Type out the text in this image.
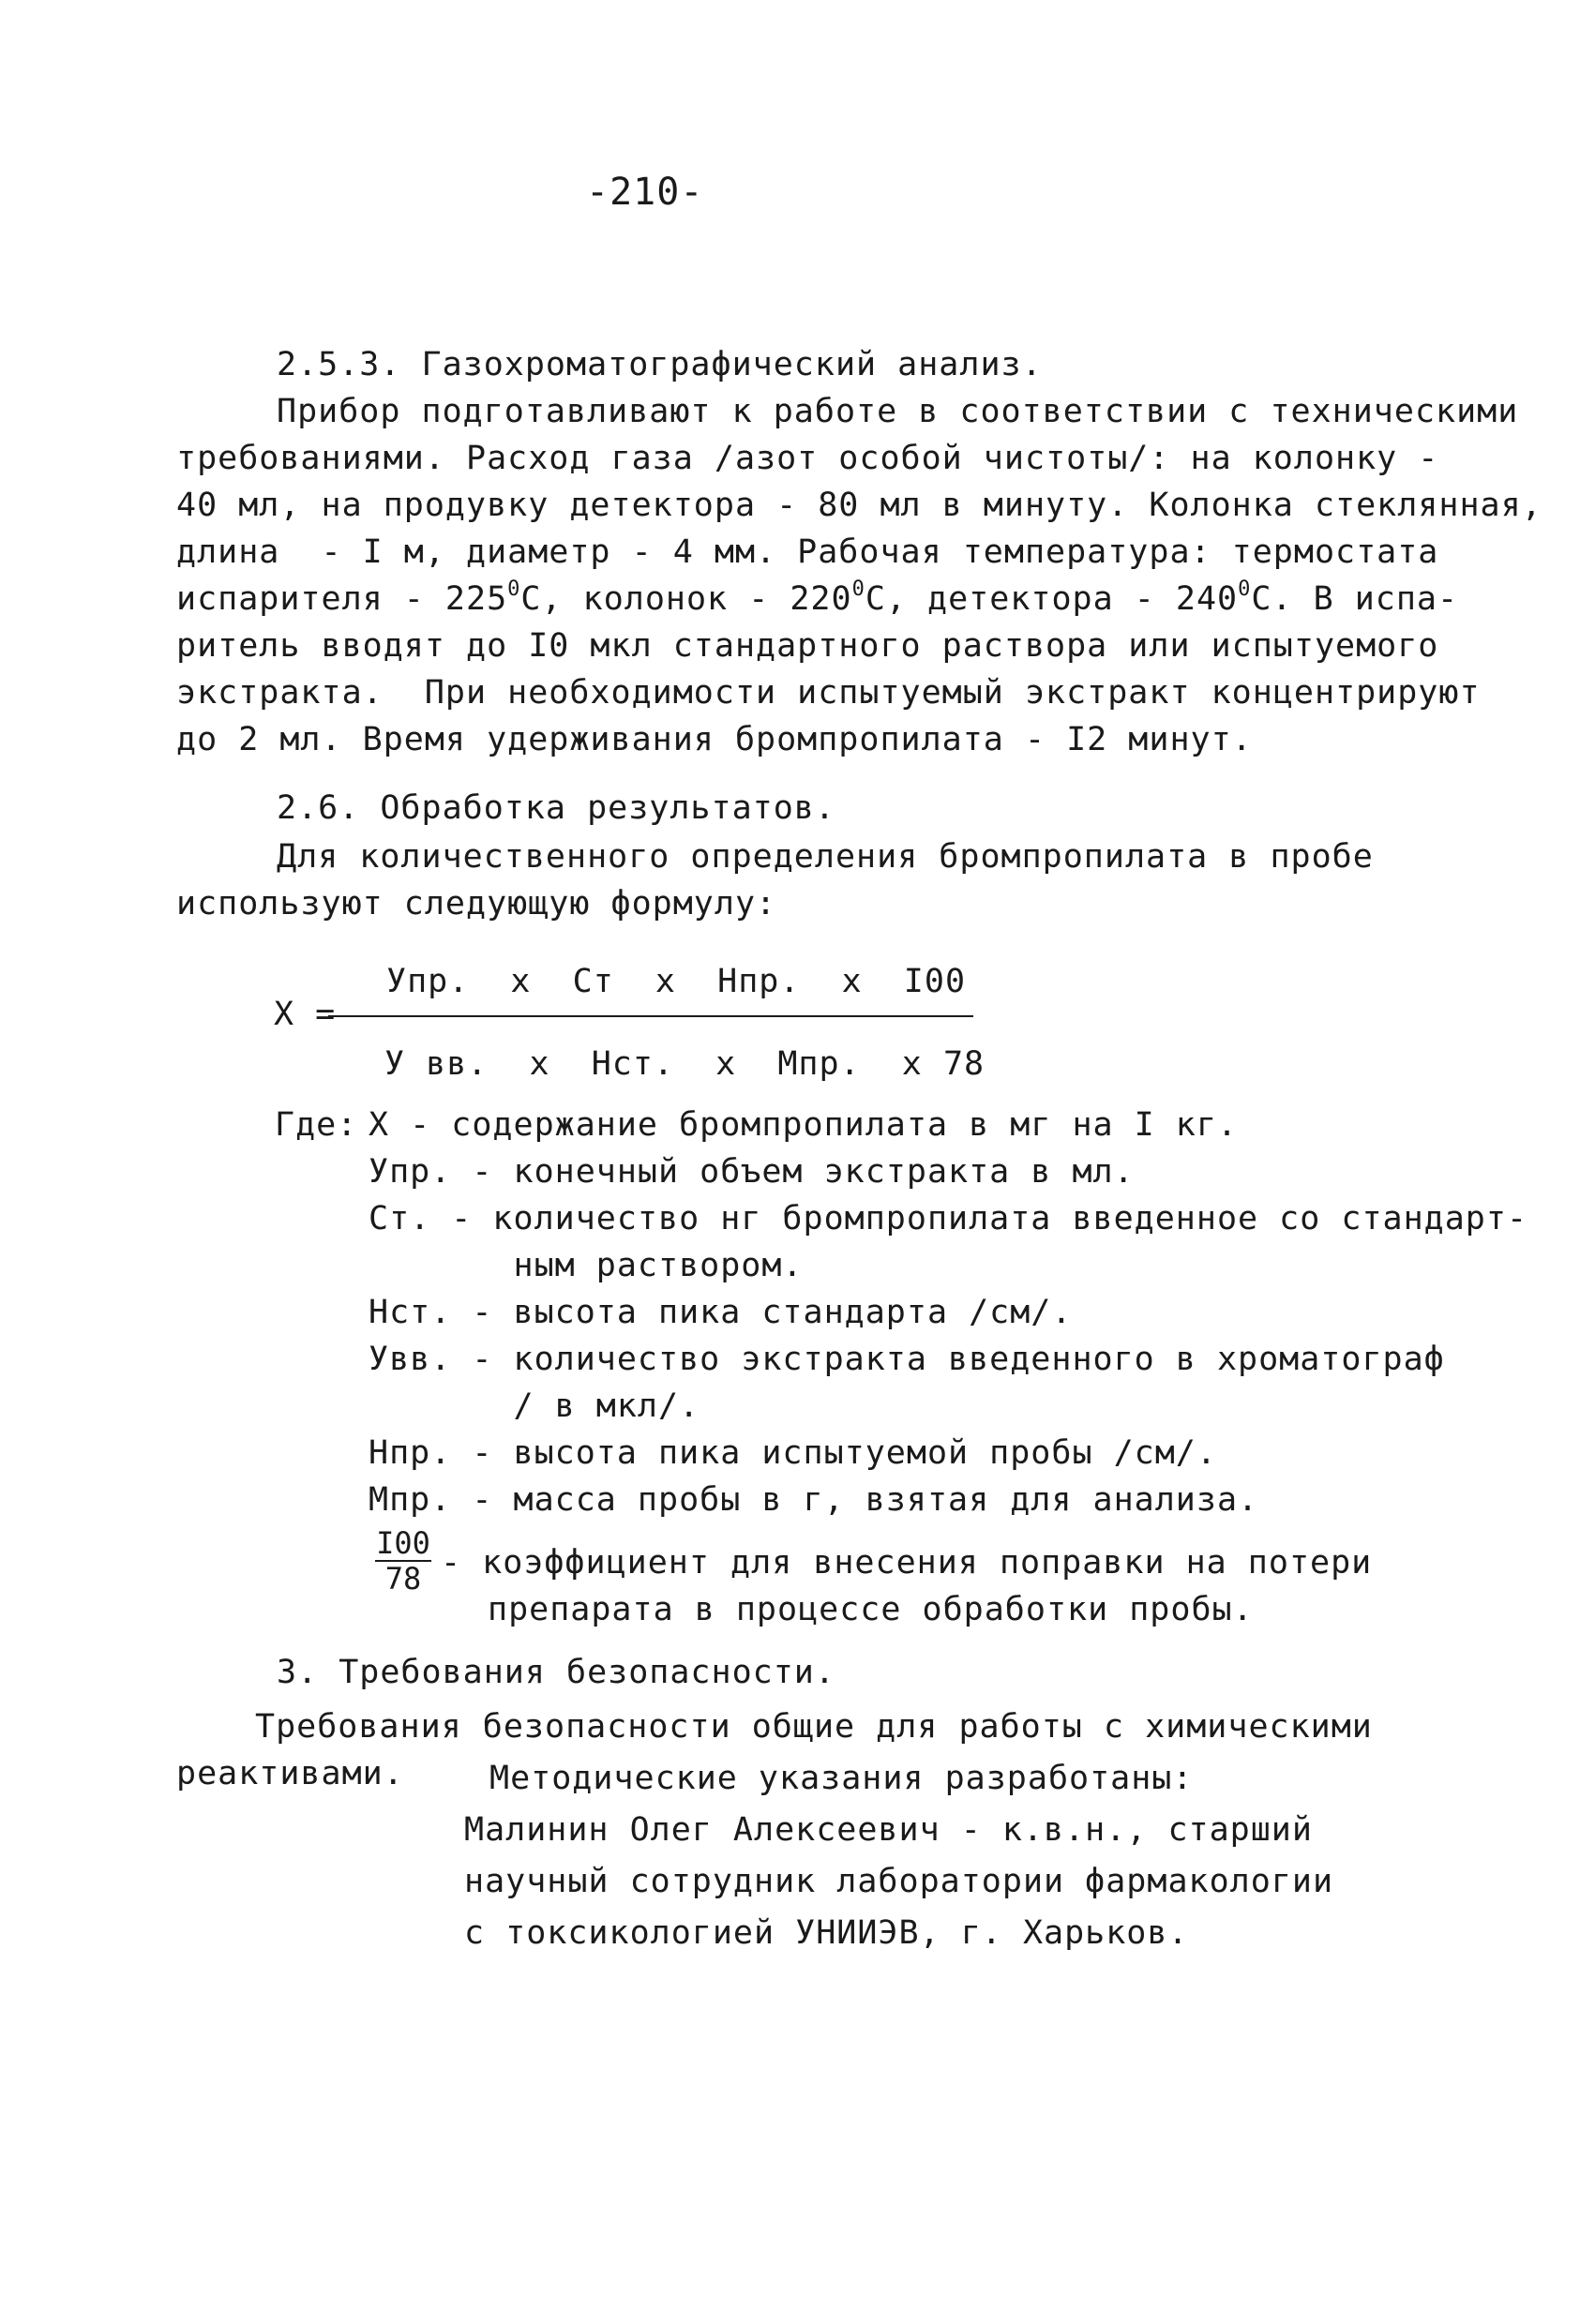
-210-
2.5.3. Газохроматографический анализ.
Прибор подготавливают к работе в соответствии с техническими
требованиями. Расход газа /азот особой чистоты/: на колонку -
40 мл, на продувку детектора - 80 мл в минуту. Колонка стеклянная,
длина  - I м, диаметр - 4 мм. Рабочая температура: термостата
испарителя - $225^0С$, колонок - $220^0С$, детектора - $240^0С$. В испа-
ритель вводят до I0 мкл стандартного раствора или испытуемого
экстракта.  При необходимости испытуемый экстракт концентрируют
до 2 мл. Время удерживания бромпропилата - I2 минут.
2.6. Обработка результатов.
Для количественного определения бромпропилата в пробе
используют следующую формулу:
X =
Упр.  x  Ст  x  Нпр.  x  I00
У вв.  x  Нст.  x  Мпр.  x 78
Где: X - содержание бромпропилата в мг на I кг.
Упр. - конечный объем экстракта в мл.
Ст. - количество нг бромпропилата введенное со стандарт-
ным раствором.
Нст. - высота пика стандарта /см/.
Увв. - количество экстракта введенного в хроматограф
/ в мкл/.
Нпр. - высота пика испытуемой пробы /см/.
Мпр. - масса пробы в г, взятая для анализа.
I00
78 - коэффициент для внесения поправки на потери
препарата в процессе обработки пробы.
3. Требования безопасности.
Требования безопасности общие для работы с химическими
реактивами.	Методические указания разработаны:
Малинин Олег Алексеевич - к.в.н., старший
научный сотрудник лаборатории фармакологии
с токсикологией УНИИЭВ, г. Харьков.
